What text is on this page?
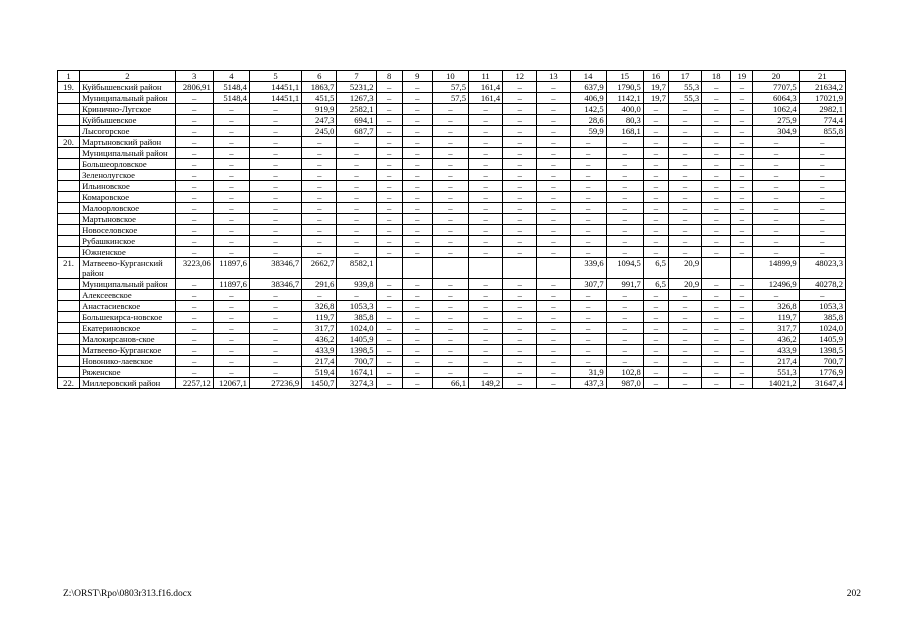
1	2	3	4	5	6	7	8	9	10	11	12	13	14	15	16	17	18	19	20	21
19.	Куйбышевский район	2806,91	5148,4	14451,1	1863,7	5231,2	–	–	57,5	161,4	–	–	637,9	1790,5	19,7	55,3	–	–	7707,5	21634,2
	Муниципальный район	–	5148,4	14451,1	451,5	1267,3	–	–	57,5	161,4	–	–	406,9	1142,1	19,7	55,3	–	–	6064,3	17021,9
	Криничнo-Лугское	–	–	–	919,9	2582,1	–	–	–	–	–	–	142,5	400,0	–	–	–	–	1062,4	2982,1
	Куйбышевское	–	–	–	247,3	694,1	–	–	–	–	–	–	28,6	80,3	–	–	–	–	275,9	774,4
	Лысогорское	–	–	–	245,0	687,7	–	–	–	–	–	–	59,9	168,1	–	–	–	–	304,9	855,8
20.	Мартыновский район	–	–	–	–	–	–	–	–	–	–	–	–	–	–	–	–	–	–	–
	Муниципальный район	–	–	–	–	–	–	–	–	–	–	–	–	–	–	–	–	–	–	–
	Большеорловское	–	–	–	–	–	–	–	–	–	–	–	–	–	–	–	–	–	–	–
	Зеленолугское	–	–	–	–	–	–	–	–	–	–	–	–	–	–	–	–	–	–	–
	Ильиновское	–	–	–	–	–	–	–	–	–	–	–	–	–	–	–	–	–	–	–
	Комаровское	–	–	–	–	–	–	–	–	–	–	–	–	–	–	–	–	–	–	–
	Малоорловское	–	–	–	–	–	–	–	–	–	–	–	–	–	–	–	–	–	–	–
	Мартыновское	–	–	–	–	–	–	–	–	–	–	–	–	–	–	–	–	–	–	–
	Новоселовское	–	–	–	–	–	–	–	–	–	–	–	–	–	–	–	–	–	–	–
	Рубашкинское	–	–	–	–	–	–	–	–	–	–	–	–	–	–	–	–	–	–	–
	Южненское	–	–	–	–	–	–	–	–	–	–	–	–	–	–	–	–	–	–	–
21.	Матвеево-Курганский район	3223,06	11897,6	38346,7	2662,7	8582,1							339,6	1094,5	6,5	20,9			14899,9	48023,3
	Муниципальный район	–	11897,6	38346,7	291,6	939,8	–	–	–	–	–	–	307,7	991,7	6,5	20,9	–	–	12496,9	40278,2
	Алексеевское	–	–	–	–	–	–	–	–	–	–	–	–	–	–	–	–	–	–	–
	Анастасиевское	–	–	–	326,8	1053,3	–	–	–	–	–	–	–	–	–	–	–	–	326,8	1053,3
	Большекирса-новское	–	–	–	119,7	385,8	–	–	–	–	–	–	–	–	–	–	–	–	119,7	385,8
	Екатериновское	–	–	–	317,7	1024,0	–	–	–	–	–	–	–	–	–	–	–	–	317,7	1024,0
	Малокирсанов-ское	–	–	–	436,2	1405,9	–	–	–	–	–	–	–	–	–	–	–	–	436,2	1405,9
	Матвеево-Курганское	–	–	–	433,9	1398,5	–	–	–	–	–	–	–	–	–	–	–	–	433,9	1398,5
	Новонико-лаевское	–	–	–	217,4	700,7	–	–	–	–	–	–	–	–	–	–	–	–	217,4	700,7
	Ряженское	–	–	–	519,4	1674,1	–	–	–	–	–	–	31,9	102,8	–	–	–	–	551,3	1776,9
22.	Миллеровский район	2257,12	12067,1	27236,9	1450,7	3274,3	–	–	66,1	149,2	–	–	437,3	987,0	–	–	–	–	14021,2	31647,4
Z:\ORST\Rpo\0803r313.f16.docx	202
